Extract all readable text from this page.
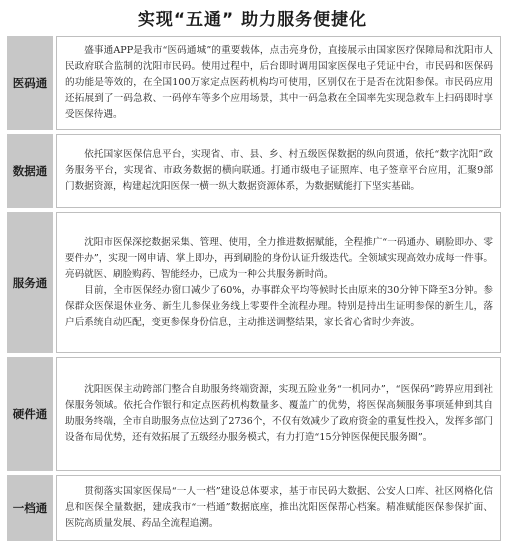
实现“五通” 助力服务便捷化
医码通

盛事通APP是我市“医码通城”的重要载体，点击亮身份，直接展示由国家医疗保障局和沈阳市人民政府联合监制的沈阳市民码。使用过程中，后台即时调用国家医保电子凭证中台，市民码和医保码的功能是等效的，在全国100万家定点医药机构均可使用，区别仅在于是否在沈阳参保。市民码应用还拓展到了一码急救、一码停车等多个应用场景，其中一码急救在全国率先实现急救车上扫码即时享受医保待遇。

数据通

依托国家医保信息平台，实现省、市、县、乡、村五级医保数据的纵向贯通，依托“数字沈阳”政务服务平台，实现省、市政务数据的横向联通。打通市级电子证照库、电子签章平台应用，汇聚9部门数据资源，构建起沈阳医保一横一纵大数据资源体系，为数据赋能打下坚实基础。

服务通

沈阳市医保深挖数据采集、管理、使用，全力推进数据赋能，全程推广“一码通办、刷脸即办、零要件办”，实现一网申请、掌上即办，再到刷脸的身份认证升级迭代。全领域实现高效办成每一件事。亮码就医、刷脸购药、智能经办，已成为一种公共服务新时尚。

目前，全市医保经办窗口减少了60%，办事群众平均等候时长由原来的30分钟下降至3分钟。参保群众医保退休业务、新生儿参保业务线上零要件全流程办理。特别是持出生证明参保的新生儿，落户后系统自动匹配，变更参保身份信息，主动推送调整结果，家长省心省时少奔波。

硬件通

沈阳医保主动跨部门整合自助服务终端资源，实现五险业务“一机同办”，“医保码”跨界应用到社保服务领域。依托合作银行和定点医药机构数量多、覆盖广的优势，将医保高频服务事项延伸到其自助服务终端，全市自助服务点位达到了2736个，不仅有效减少了政府资金的重复性投入，发挥多部门设备布局优势，还有效拓展了五级经办服务模式，有力打造“15分钟医保便民服务圈”。

一档通

贯彻落实国家医保局“一人一档”建设总体要求，基于市民码大数据、公安人口库、社区网格化信息和医保全量数据，建成我市“一档通”数据底座，推出沈阳医保帮心档案。精准赋能医保参保扩面、医院高质量发展、药品全流程追溯。
